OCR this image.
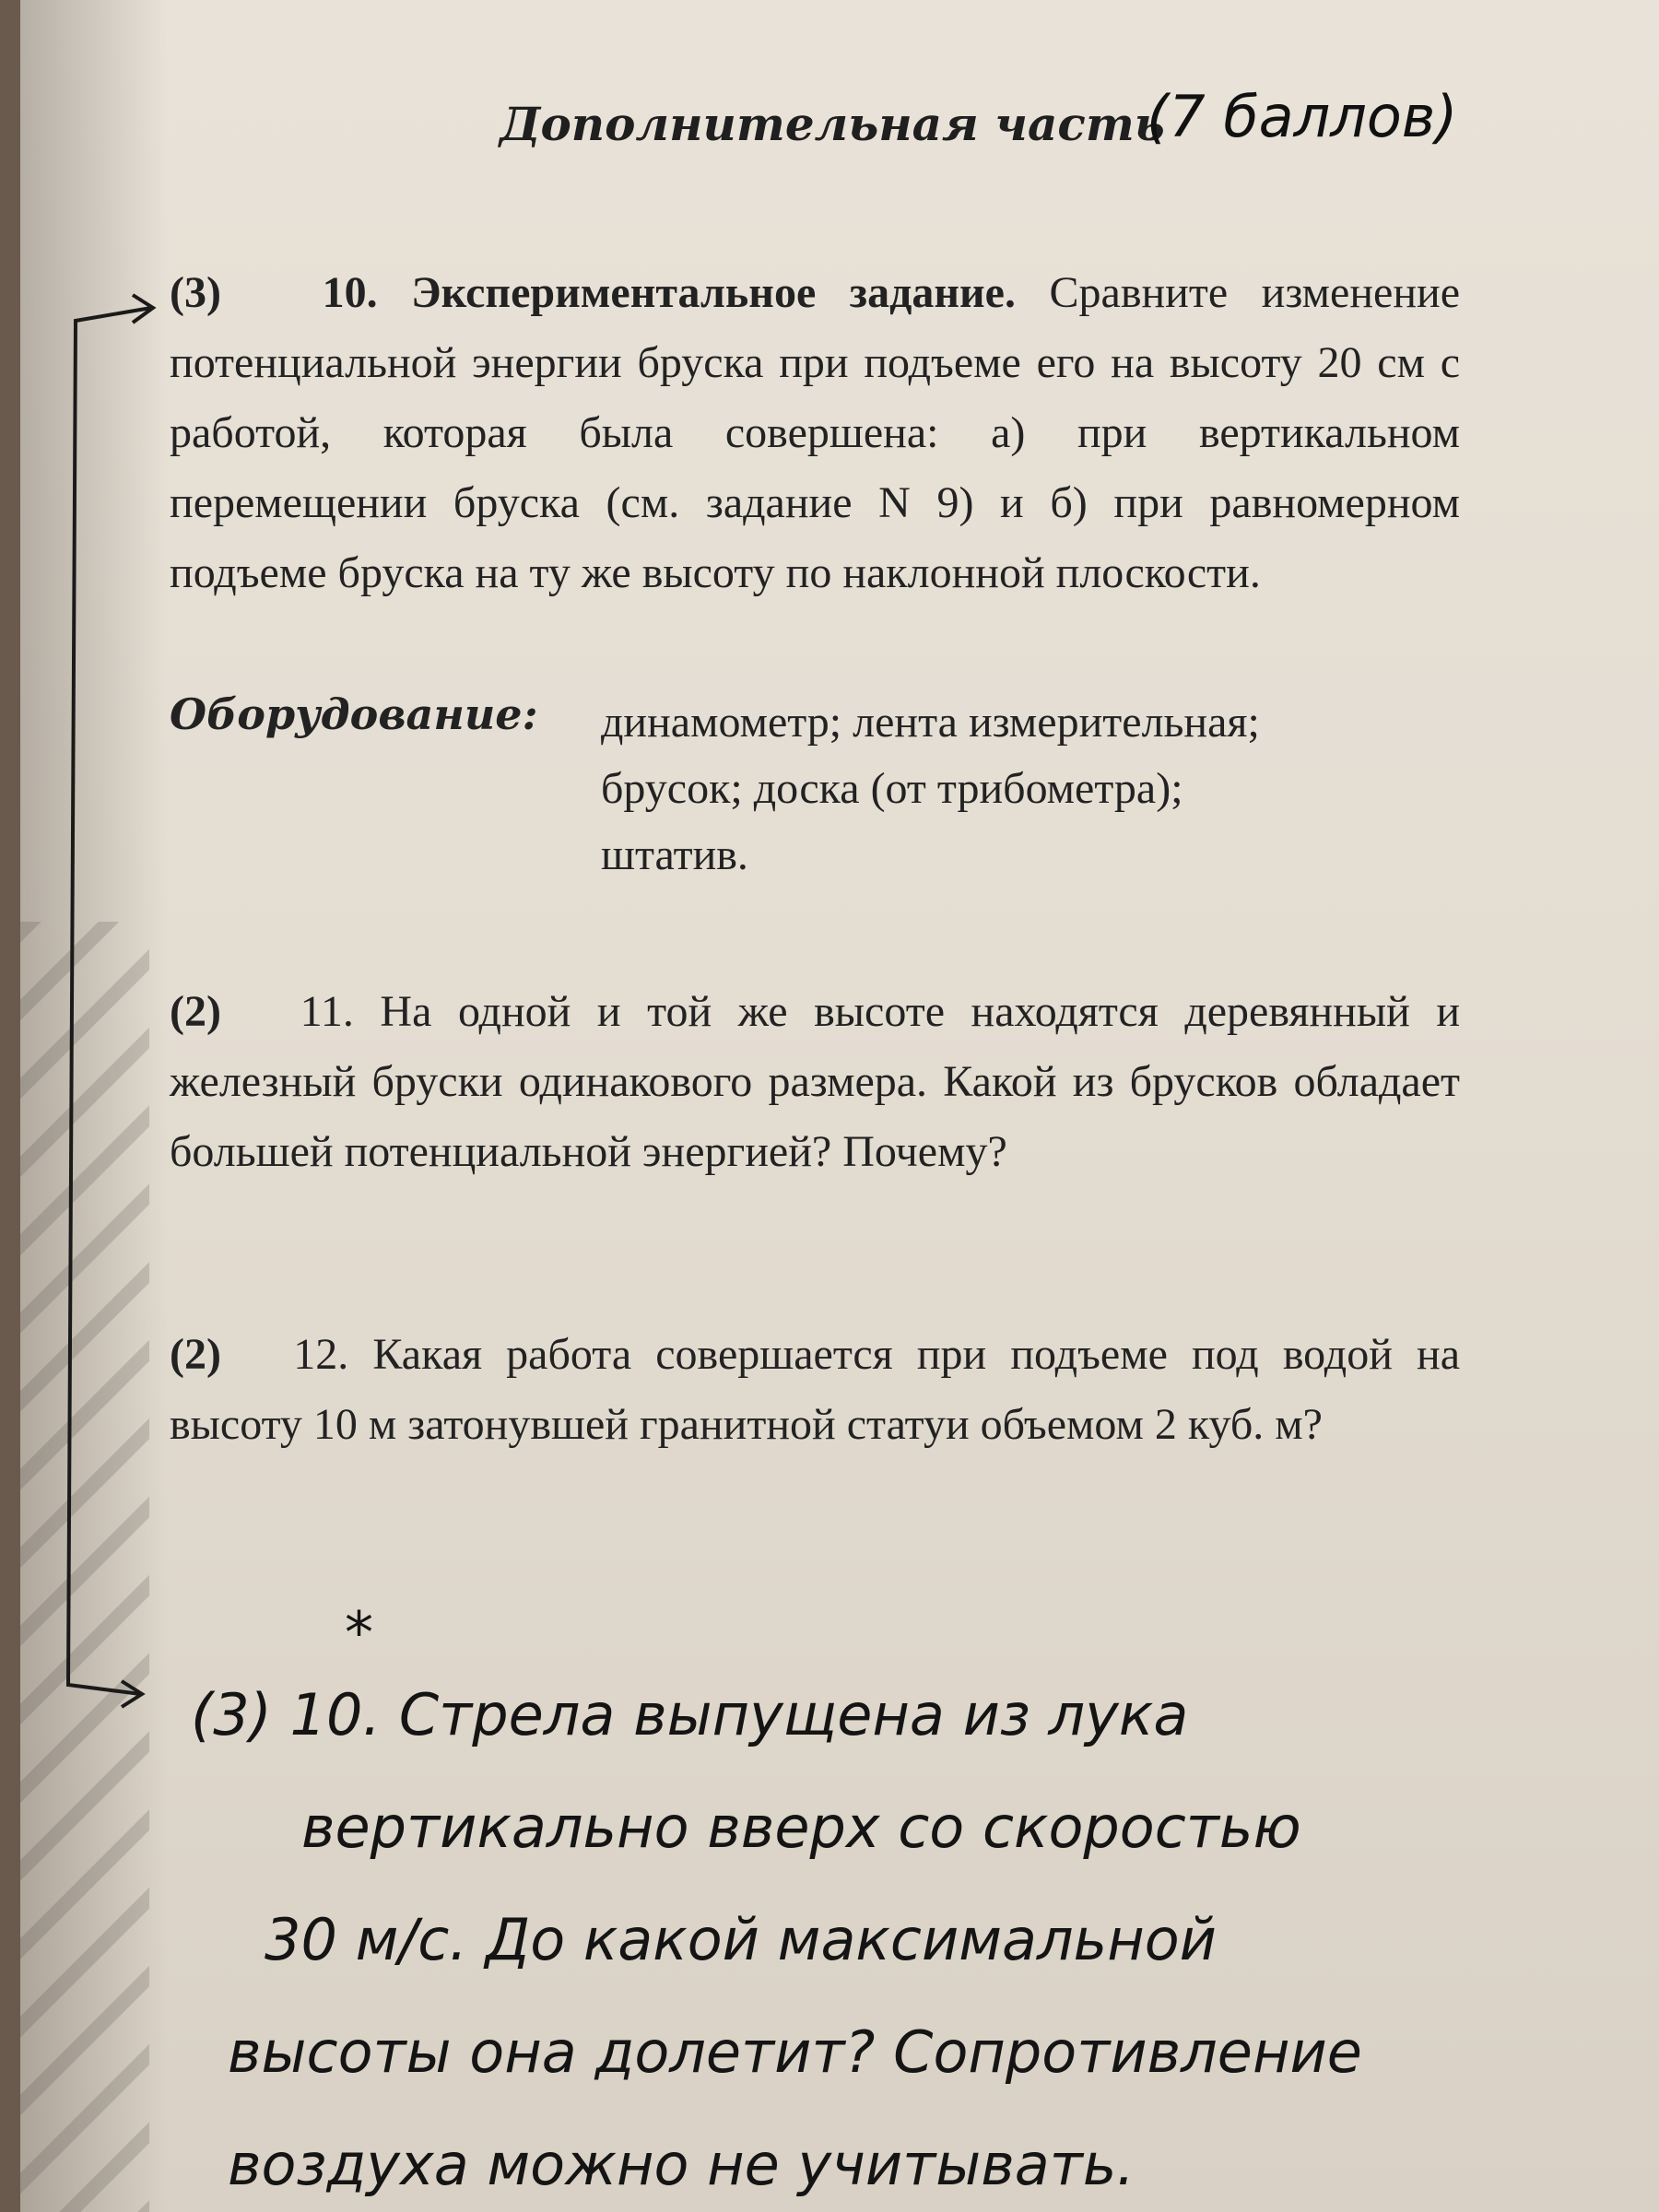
Дополнительная часть
(7 баллов)
(3) 10. Экспериментальное задание. Сравните изменение потенциальной энергии бруска при подъеме его на высоту 20 см с работой, которая была совершена: а) при вертикальном перемещении бруска (см. задание N 9) и б) при равномерном подъеме бруска на ту же высоту по наклонной плоскости.
Оборудование: динамометр; лента измерительная;
брусок; доска (от трибометра);
штатив.
(2) 11. На одной и той же высоте находятся деревянный и железный бруски одинакового размера. Какой из брусков обладает большей потенциальной энергией? Почему?
(2) 12. Какая работа совершается при подъеме под водой на высоту 10 м затонувшей гранитной статуи объемом 2 куб. м?
*
(3) 10. Стрела выпущена из лука
вертикально вверх со скоростью
30 м/с. До какой максимальной
высоты она долетит? Сопротивление
воздуха можно не учитывать.
